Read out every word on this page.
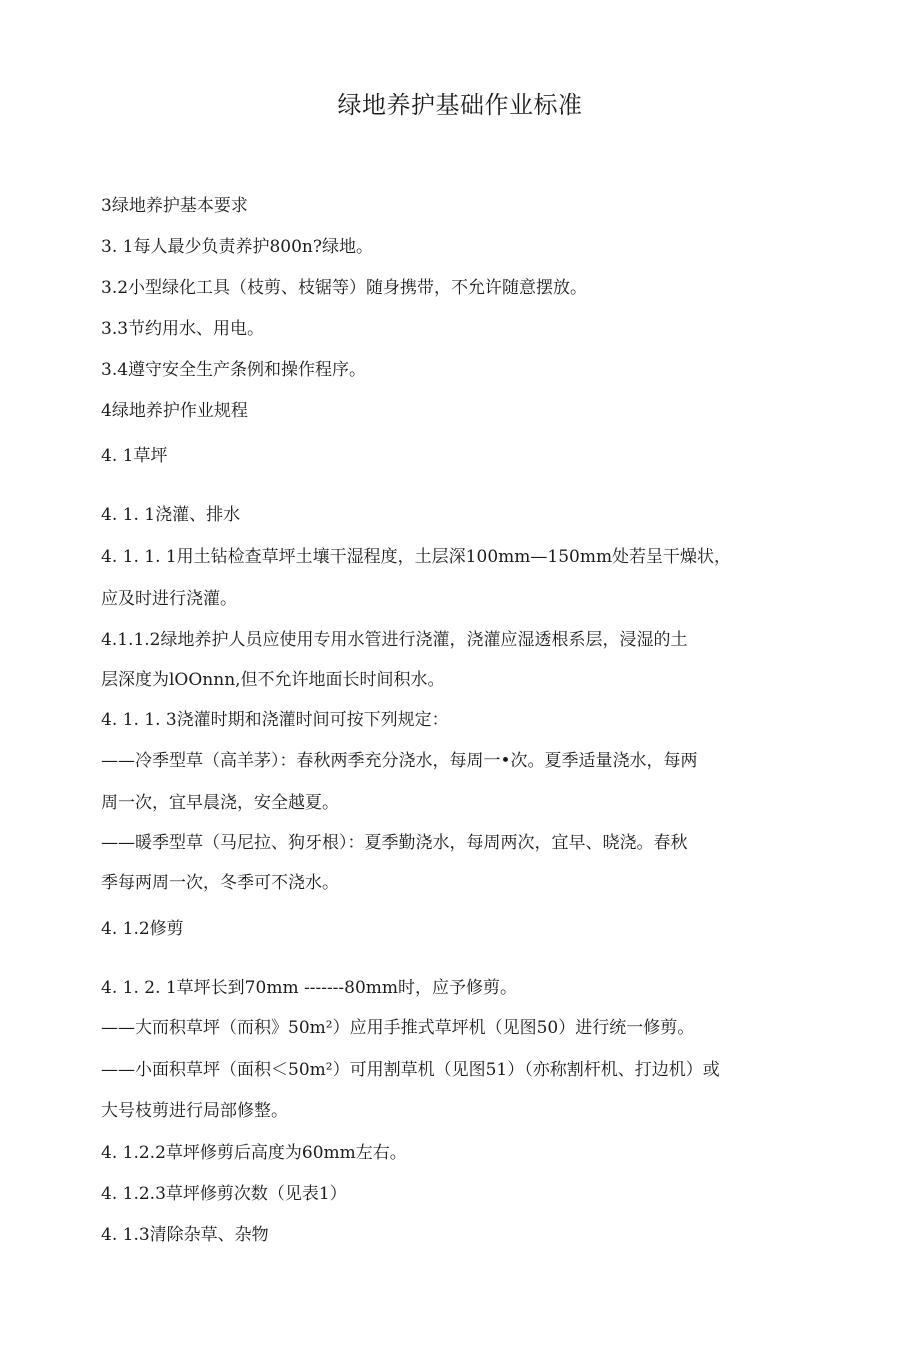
绿地养护基础作业标准

3绿地养护基本要求

3. 1每人最少负责养护800n?绿地。

3.2小型绿化工具（枝剪、枝锯等）随身携带，不允许随意摆放。

3.3节约用水、用电。

3.4遵守安全生产条例和操作程序。

4绿地养护作业规程

4. 1草坪

4. 1. 1浇灌、排水

4. 1. 1. 1用土钻检查草坪土壤干湿程度，土层深100mm—150mm处若呈干燥状，

应及时进行浇灌。

4.1.1.2绿地养护人员应使用专用水管进行浇灌，浇灌应湿透根系层，浸湿的土

层深度为lOOnnn,但不允许地面长时间积水。

4. 1. 1. 3浇灌时期和浇灌时间可按下列规定：

——冷季型草（高羊茅）：春秋两季充分浇水，每周一•次。夏季适量浇水，每两

周一次，宜早晨浇，安全越夏。

——暖季型草（马尼拉、狗牙根）：夏季勤浇水，每周两次，宜早、晓浇。春秋

季每两周一次，冬季可不浇水。

4. 1.2修剪

4. 1. 2. 1草坪长到70mm -------80mm时，应予修剪。

——大而积草坪（而积》50m²）应用手推式草坪机（见图50）进行统一修剪。

——小面积草坪（面积＜50m²）可用割草机（见图51）（亦称割杆机、打边机）或

大号枝剪进行局部修整。

4. 1.2.2草坪修剪后高度为60mm左右。

4. 1.2.3草坪修剪次数（见表1）

4. 1.3清除杂草、杂物
